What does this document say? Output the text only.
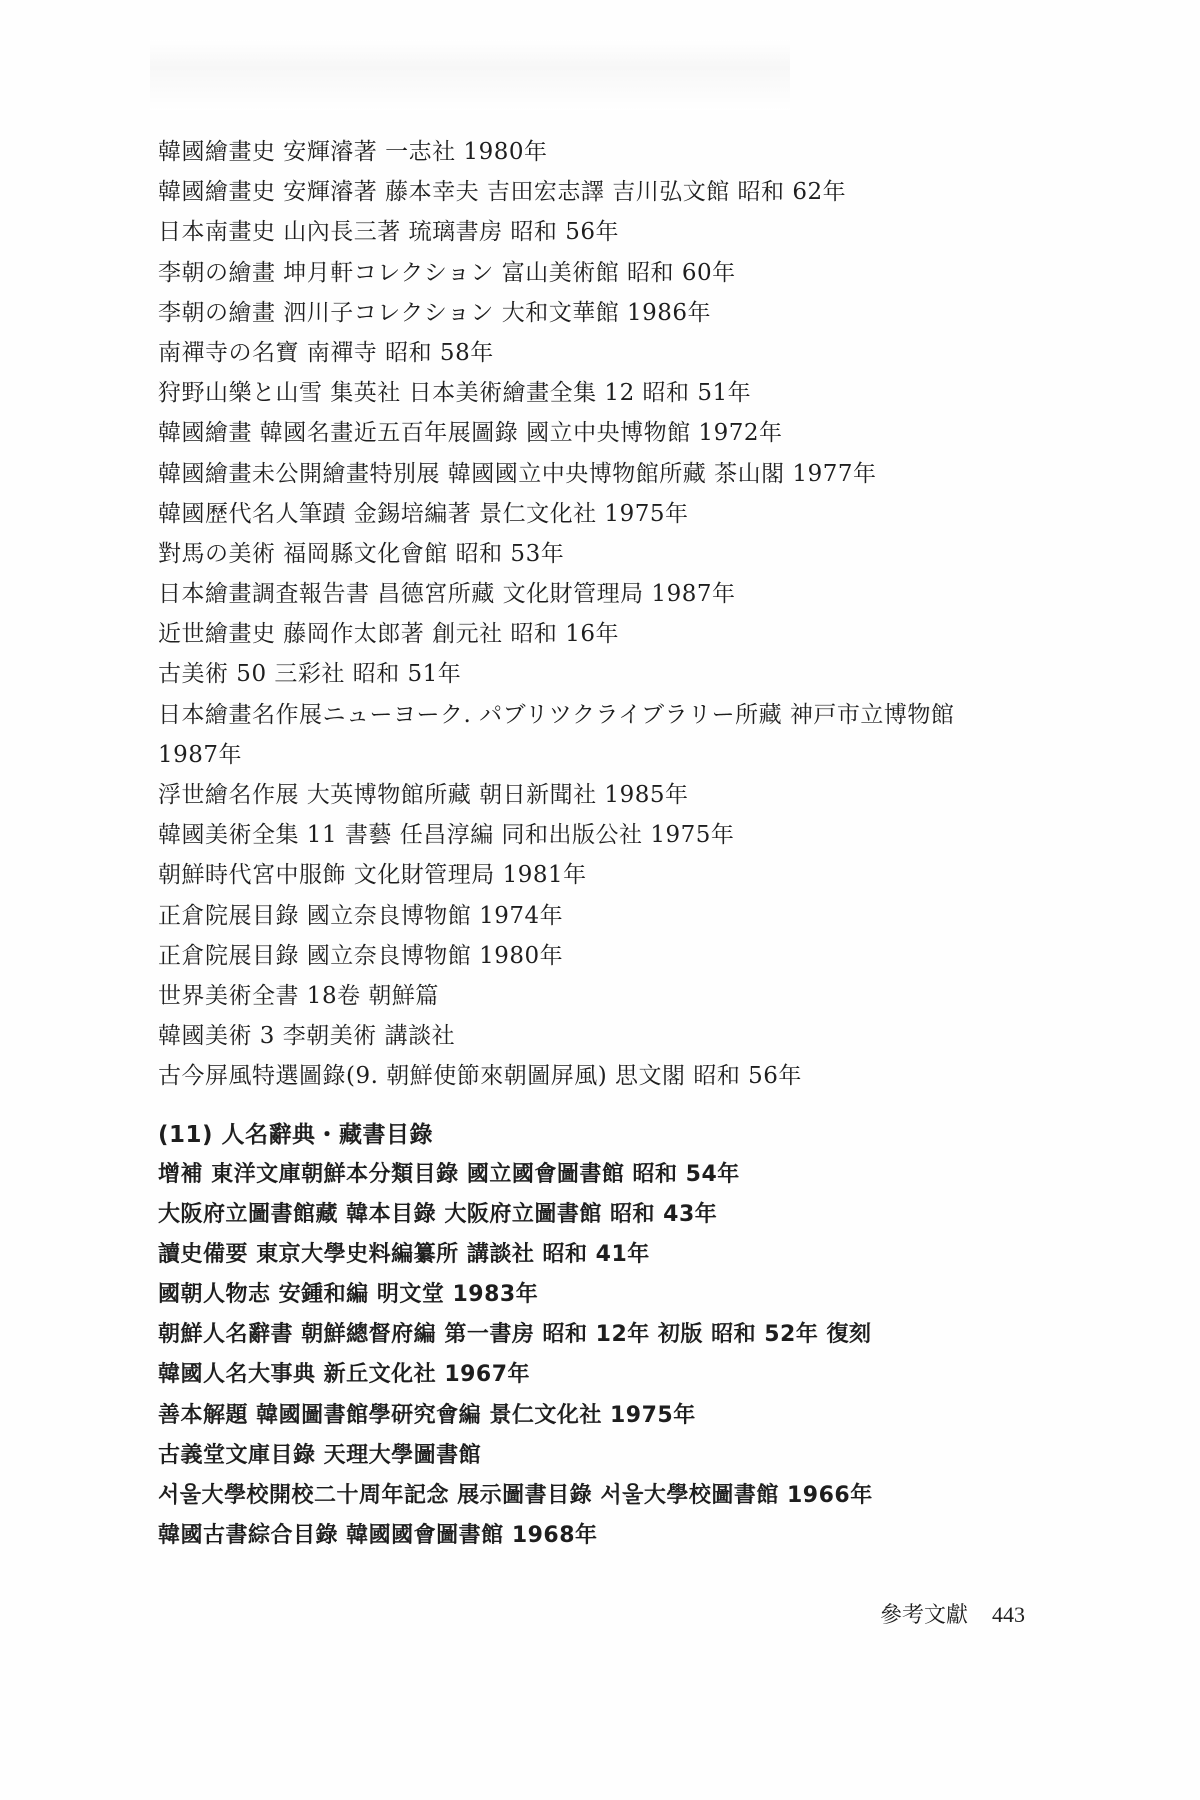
韓國繪畫史 安輝濬著 一志社 1980年
韓國繪畫史 安輝濬著 藤本幸夫 吉田宏志譯 吉川弘文館 昭和 62年
日本南畫史 山內長三著 琉璃書房 昭和 56年
李朝の繪畫 坤月軒コレクション 富山美術館 昭和 60年
李朝の繪畫 泗川子コレクション 大和文華館 1986年
南禪寺の名寶 南禪寺 昭和 58年
狩野山樂と山雪 集英社 日本美術繪畫全集 12 昭和 51年
韓國繪畫 韓國名畫近五百年展圖錄 國立中央博物館 1972年
韓國繪畫未公開繪畫特別展 韓國國立中央博物館所藏 茶山閣 1977年
韓國歷代名人筆蹟 金錫培編著 景仁文化社 1975年
對馬の美術 福岡縣文化會館 昭和 53年
日本繪畫調査報告書 昌德宮所藏 文化財管理局 1987年
近世繪畫史 藤岡作太郎著 創元社 昭和 16年
古美術 50 三彩社 昭和 51年
日本繪畫名作展ニューヨーク. パブリツクライブラリー所藏 神戸市立博物館
1987年
浮世繪名作展 大英博物館所藏 朝日新聞社 1985年
韓國美術全集 11 書藝 任昌淳編 同和出版公社 1975年
朝鮮時代宮中服飾 文化財管理局 1981年
正倉院展目錄 國立奈良博物館 1974年
正倉院展目錄 國立奈良博物館 1980年
世界美術全書 18卷 朝鮮篇
韓國美術 3 李朝美術 講談社
古今屏風特選圖錄(9. 朝鮮使節來朝圖屏風) 思文閣 昭和 56年
(11) 人名辭典・藏書目錄
增補 東洋文庫朝鮮本分類目錄 國立國會圖書館 昭和 54年
大阪府立圖書館藏 韓本目錄 大阪府立圖書館 昭和 43年
讀史備要 東京大學史料編纂所 講談社 昭和 41年
國朝人物志 安鍾和編 明文堂 1983年
朝鮮人名辭書 朝鮮總督府編 第一書房 昭和 12年 初版 昭和 52年 復刻
韓國人名大事典 新丘文化社 1967年
善本解題 韓國圖書館學研究會編 景仁文化社 1975年
古義堂文庫目錄 天理大學圖書館
서울大學校開校二十周年記念 展示圖書目錄 서울大學校圖書館 1966年
韓國古書綜合目錄 韓國國會圖書館 1968年
參考文獻 443
